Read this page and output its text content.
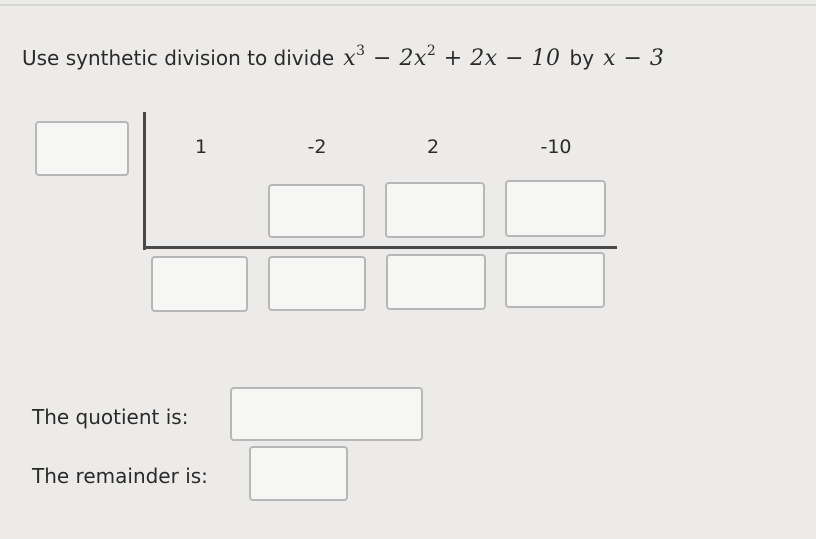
Use synthetic division to divide $x^3 - 2x^2 + 2x - 10$ by x − 3
1	-2	2	-10
The quotient is:
The remainder is:
